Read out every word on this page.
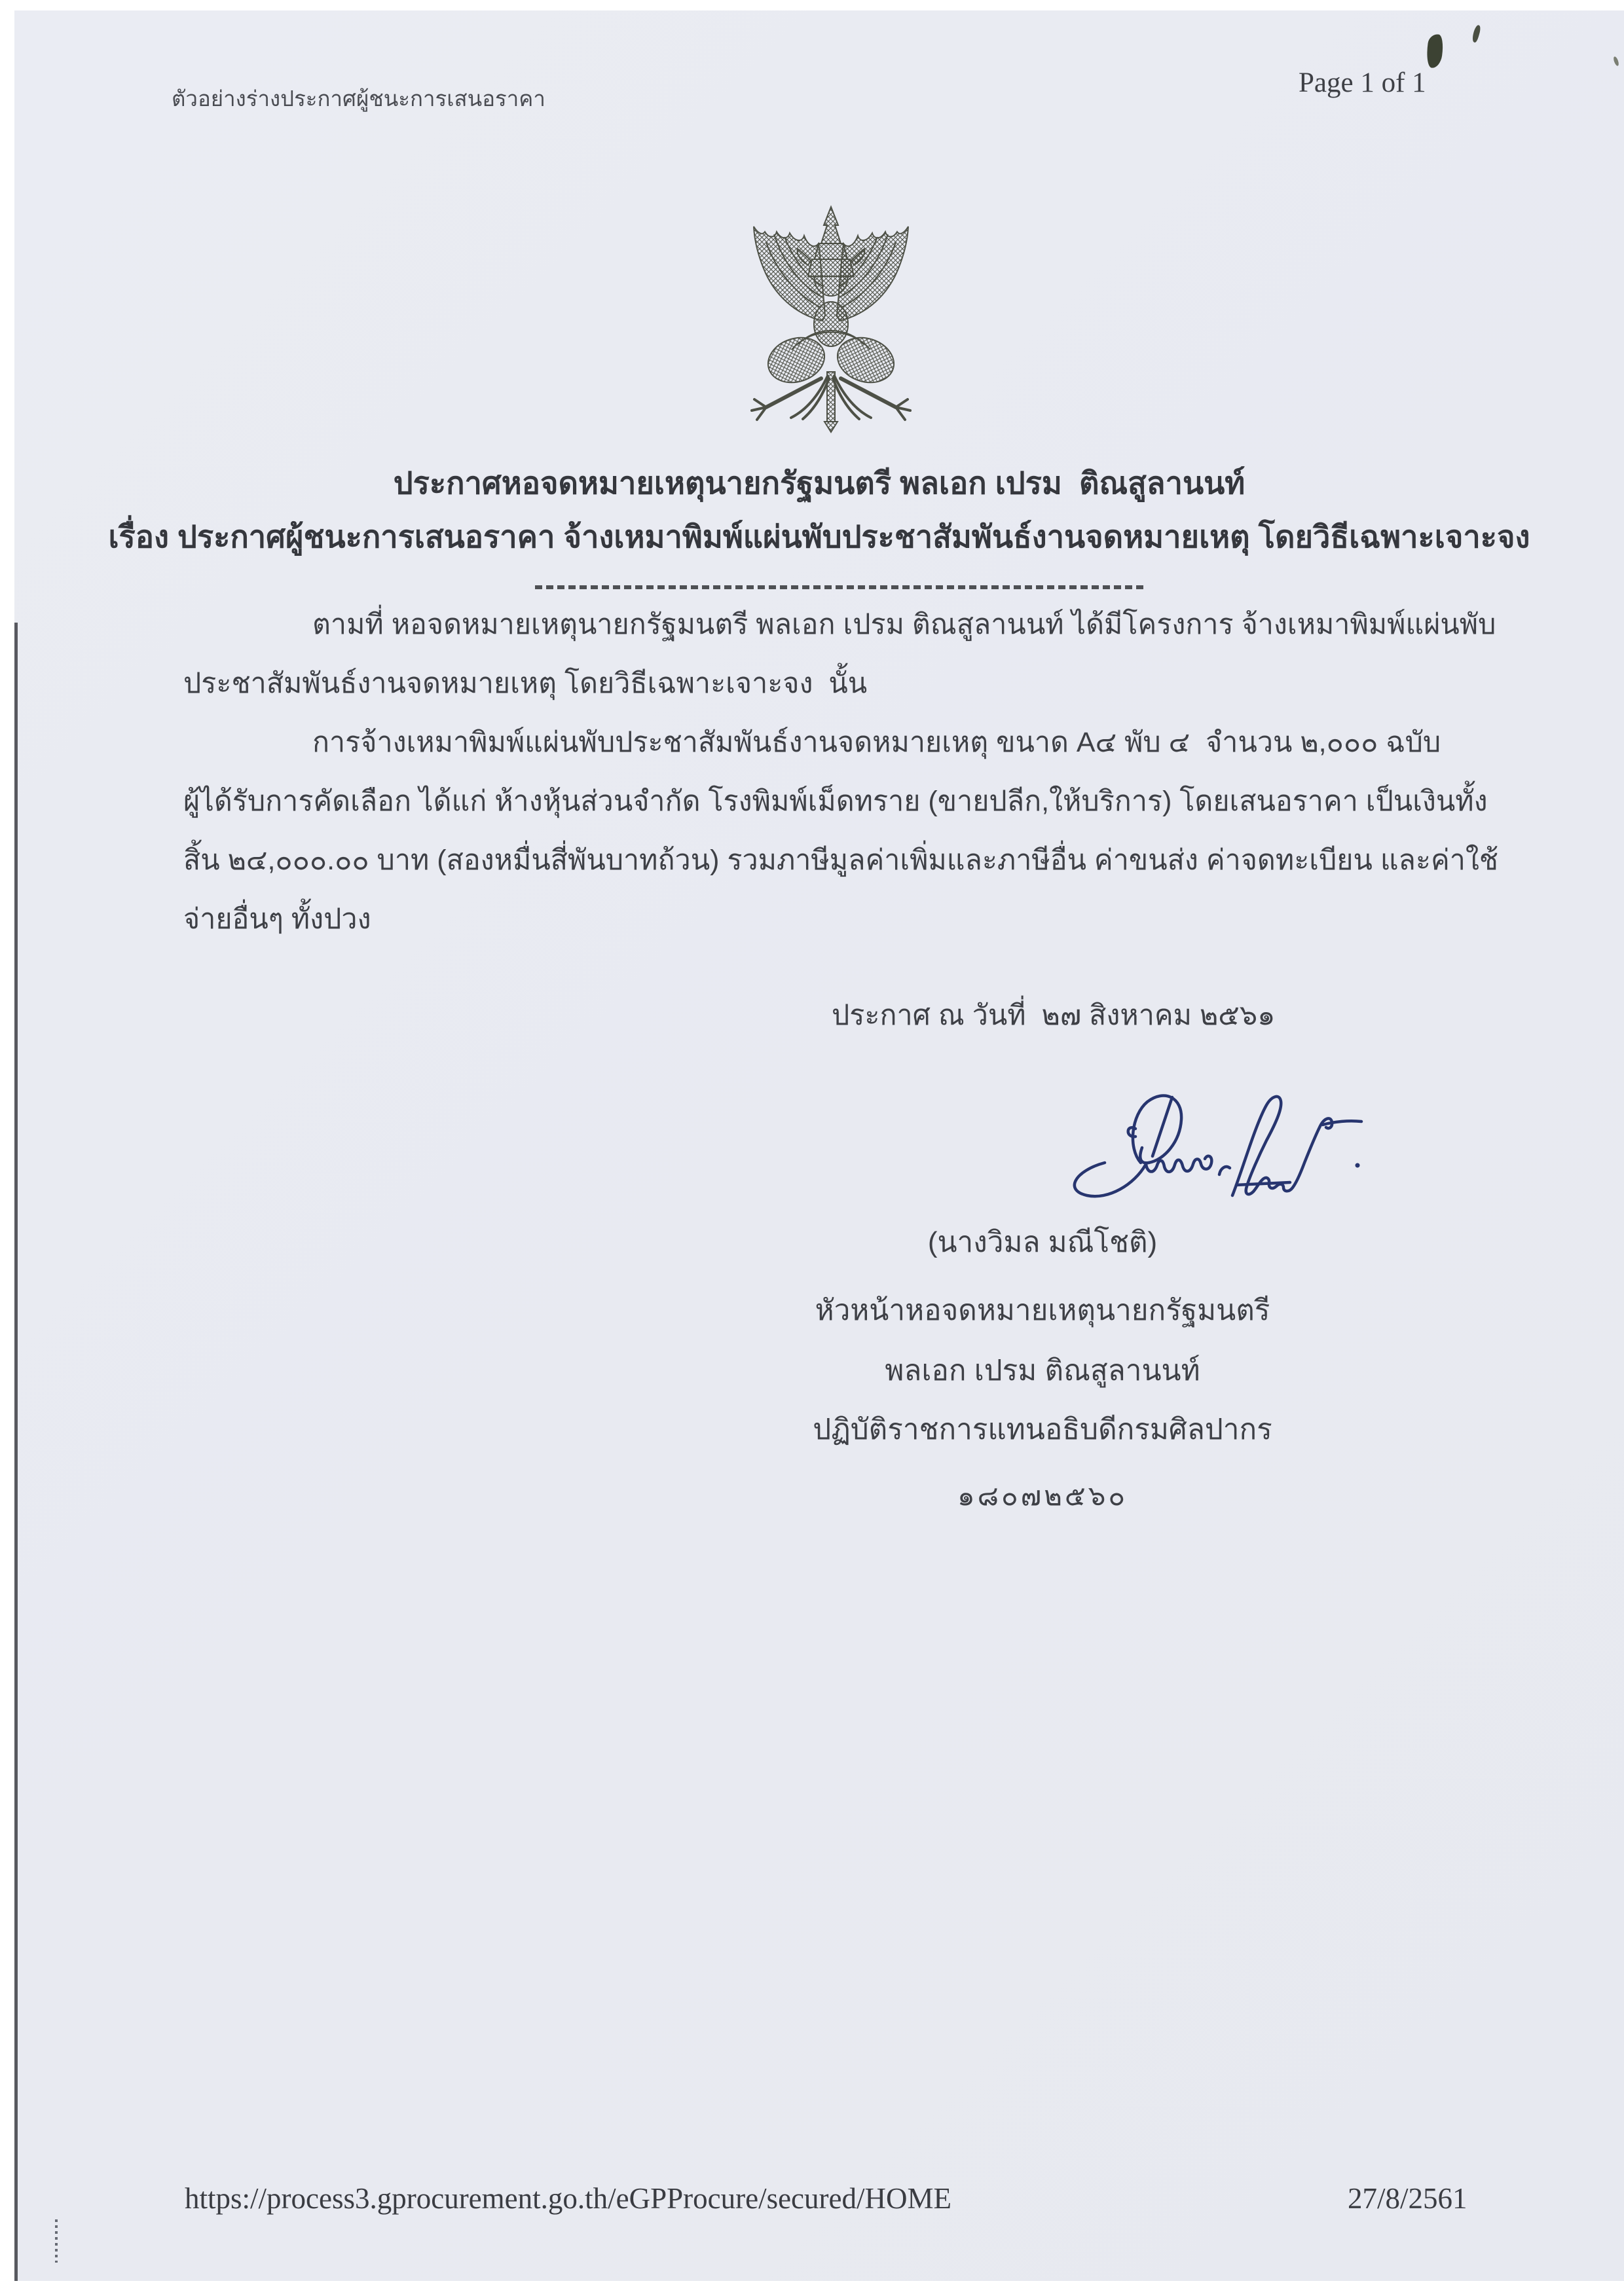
ตัวอย่างร่างประกาศผู้ชนะการเสนอราคา
Page 1 of 1
ประกาศหอจดหมายเหตุนายกรัฐมนตรี พลเอก เปรม  ติณสูลานนท์
เรื่อง ประกาศผู้ชนะการเสนอราคา จ้างเหมาพิมพ์แผ่นพับประชาสัมพันธ์งานจดหมายเหตุ โดยวิธีเฉพาะเจาะจง
ตามที่ หอจดหมายเหตุนายกรัฐมนตรี พลเอก เปรม ติณสูลานนท์ ได้มีโครงการ จ้างเหมาพิมพ์แผ่นพับ
ประชาสัมพันธ์งานจดหมายเหตุ โดยวิธีเฉพาะเจาะจง  นั้น
การจ้างเหมาพิมพ์แผ่นพับประชาสัมพันธ์งานจดหมายเหตุ ขนาด A๔ พับ ๔  จำนวน ๒,๐๐๐ ฉบับ
ผู้ได้รับการคัดเลือก ได้แก่ ห้างหุ้นส่วนจำกัด โรงพิมพ์เม็ดทราย (ขายปลีก,ให้บริการ) โดยเสนอราคา เป็นเงินทั้ง
สิ้น ๒๔,๐๐๐.๐๐ บาท (สองหมื่นสี่พันบาทถ้วน) รวมภาษีมูลค่าเพิ่มและภาษีอื่น ค่าขนส่ง ค่าจดทะเบียน และค่าใช้
จ่ายอื่นๆ ทั้งปวง
ประกาศ ณ วันที่  ๒๗ สิงหาคม ๒๕๖๑
(นางวิมล มณีโชติ)
หัวหน้าหอจดหมายเหตุนายกรัฐมนตรี
พลเอก เปรม ติณสูลานนท์
ปฏิบัติราชการแทนอธิบดีกรมศิลปากร
๑๘๐๗๒๕๖๐
https://process3.gprocurement.go.th/eGPProcure/secured/HOME	27/8/2561
